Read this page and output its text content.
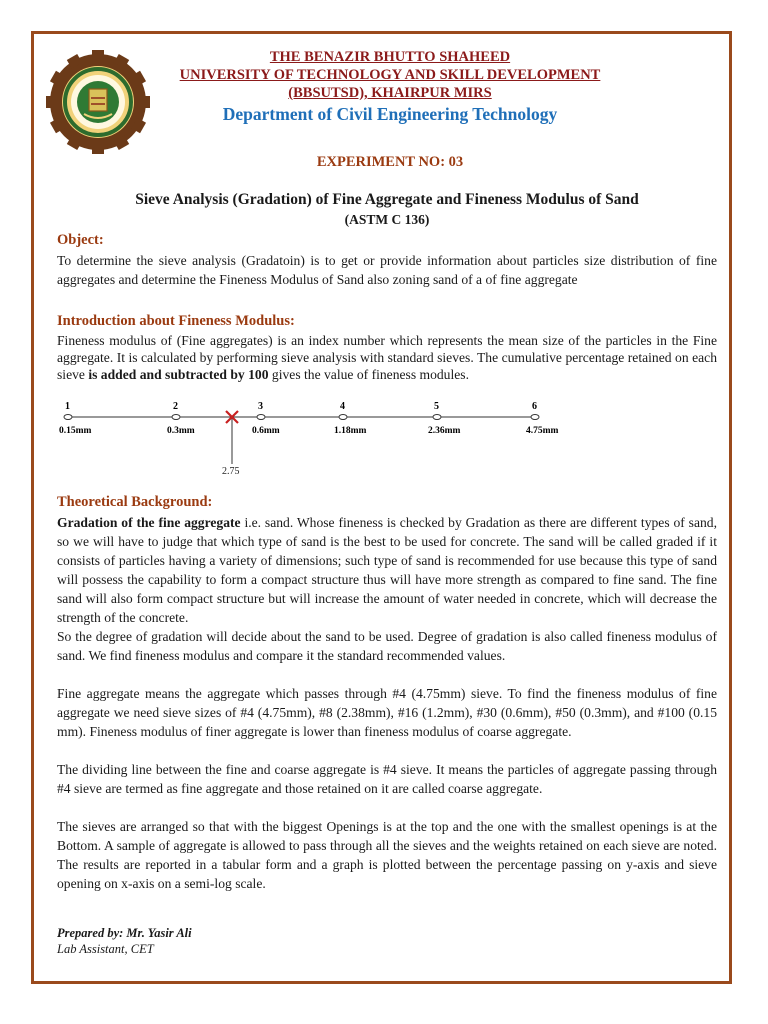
THE BENAZIR BHUTTO SHAHEED
UNIVERSITY OF TECHNOLOGY AND SKILL DEVELOPMENT
(BBSUTSD), KHAIRPUR MIRS
Department of Civil Engineering Technology
EXPERIMENT NO: 03
Sieve Analysis (Gradation) of Fine Aggregate and Fineness Modulus of Sand
(ASTM C 136)
Object:
To determine the sieve analysis (Gradatoin) is to get or provide information about particles size distribution of fine aggregates and determine the Fineness Modulus of Sand also zoning sand of a of fine aggregate
Introduction about Fineness Modulus:
Fineness modulus of (Fine aggregates) is an index number which represents the mean size of the particles in the Fine aggregate. It is calculated by performing sieve analysis with standard sieves. The cumulative percentage retained on each sieve is added and subtracted by 100 gives the value of fineness modules.
1
0.15mm
2
0.3mm
3
0.6mm
4
1.18mm
5
2.36mm
6
4.75mm
2.75
Theoretical Background:

Gradation of the fine aggregate i.e. sand. Whose fineness is checked by Gradation as there are different types of sand, so we will have to judge that which type of sand is the best to be used for concrete. The sand will be called graded if it consists of particles having a variety of dimensions; such type of sand is recommended for use because this type of sand will possess the capability to form a compact structure thus will have more strength as compared to fine sand. The fine sand will also form compact structure but will increase the amount of water needed in concrete, which will decrease the strength of the concrete.

So the degree of gradation will decide about the sand to be used. Degree of gradation is also called fineness modulus of sand. We find fineness modulus and compare it the standard recommended values.

Fine aggregate means the aggregate which passes through #4 (4.75mm) sieve. To find the fineness modulus of fine aggregate we need sieve sizes of #4 (4.75mm), #8 (2.38mm), #16 (1.2mm), #30 (0.6mm), #50 (0.3mm), and #100 (0.15 mm). Fineness modulus of finer aggregate is lower than fineness modulus of coarse aggregate.

The dividing line between the fine and coarse aggregate is #4 sieve. It means the particles of aggregate passing through #4 sieve are termed as fine aggregate and those retained on it are called coarse aggregate.

The sieves are arranged so that with the biggest Openings is at the top and the one with the smallest openings is at the Bottom. A sample of aggregate is allowed to pass through all the sieves and the weights retained on each sieve are noted. The results are reported in a tabular form and a graph is plotted between the percentage passing on y-axis and sieve opening on x-axis on a semi-log scale.

Prepared by: Mr. Yasir Ali
Lab Assistant, CET
